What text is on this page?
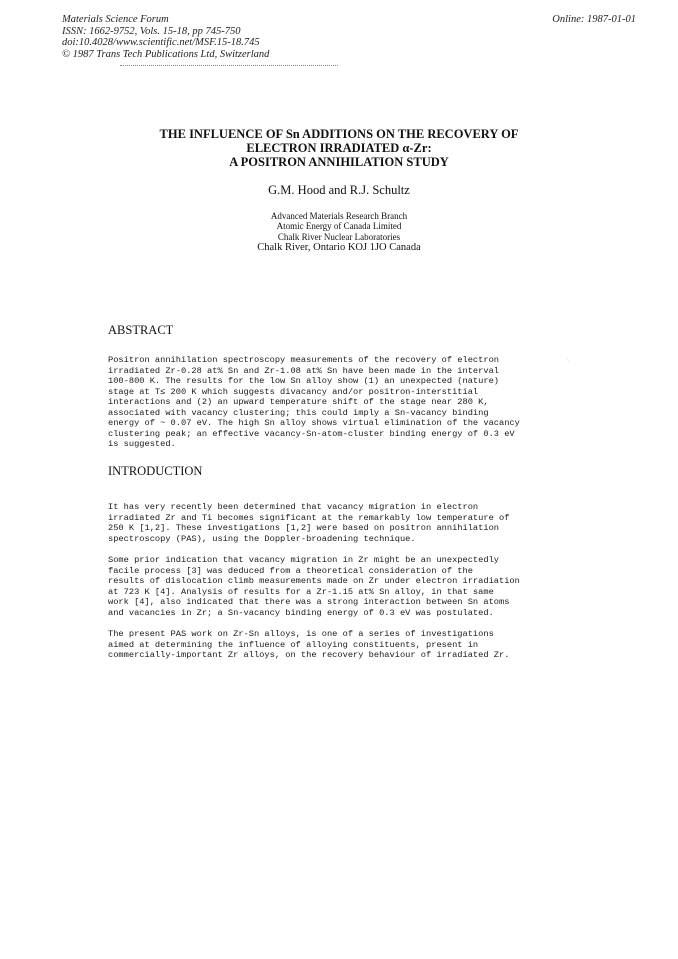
Materials Science Forum
ISSN: 1662-9752, Vols. 15-18, pp 745-750
doi:10.4028/www.scientific.net/MSF.15-18.745
© 1987 Trans Tech Publications Ltd, Switzerland
Online: 1987-01-01
THE INFLUENCE OF Sn ADDITIONS ON THE RECOVERY OF
ELECTRON IRRADIATED α-Zr:
A POSITRON ANNIHILATION STUDY
G.M. Hood and R.J. Schultz
Advanced Materials Research Branch
Atomic Energy of Canada Limited
Chalk River Nuclear Laboratories
Chalk River, Ontario KOJ 1JO Canada
ABSTRACT
Positron annihilation spectroscopy measurements of the recovery of electron
irradiated Zr-0.28 at% Sn and Zr-1.08 at% Sn have been made in the interval
100-800 K. The results for the low Sn alloy show (1) an unexpected (nature)
stage at T≤ 200 K which suggests divacancy and/or positron-interstitial
interactions and (2) an upward temperature shift of the stage near 280 K,
associated with vacancy clustering; this could imply a Sn-vacancy binding
energy of ~ 0.07 eV. The high Sn alloy shows virtual elimination of the vacancy
clustering peak; an effective vacancy-Sn-atom-cluster binding energy of 0.3 eV
is suggested.
`
INTRODUCTION
It has very recently been determined that vacancy migration in electron
irradiated Zr and Ti becomes significant at the remarkably low temperature of
250 K [1,2]. These investigations [1,2] were based on positron annihilation
spectroscopy (PAS), using the Doppler-broadening technique.
Some prior indication that vacancy migration in Zr might be an unexpectedly
facile process [3] was deduced from a theoretical consideration of the
results of dislocation climb measurements made on Zr under electron irradiation
at 723 K [4]. Analysis of results for a Zr-1.15 at% Sn alloy, in that same
work [4], also indicated that there was a strong interaction between Sn atoms
and vacancies in Zr; a Sn-vacancy binding energy of 0.3 eV was postulated.
The present PAS work on Zr-Sn alloys, is one of a series of investigations
aimed at determining the influence of alloying constituents, present in
commercially-important Zr alloys, on the recovery behaviour of irradiated Zr.
